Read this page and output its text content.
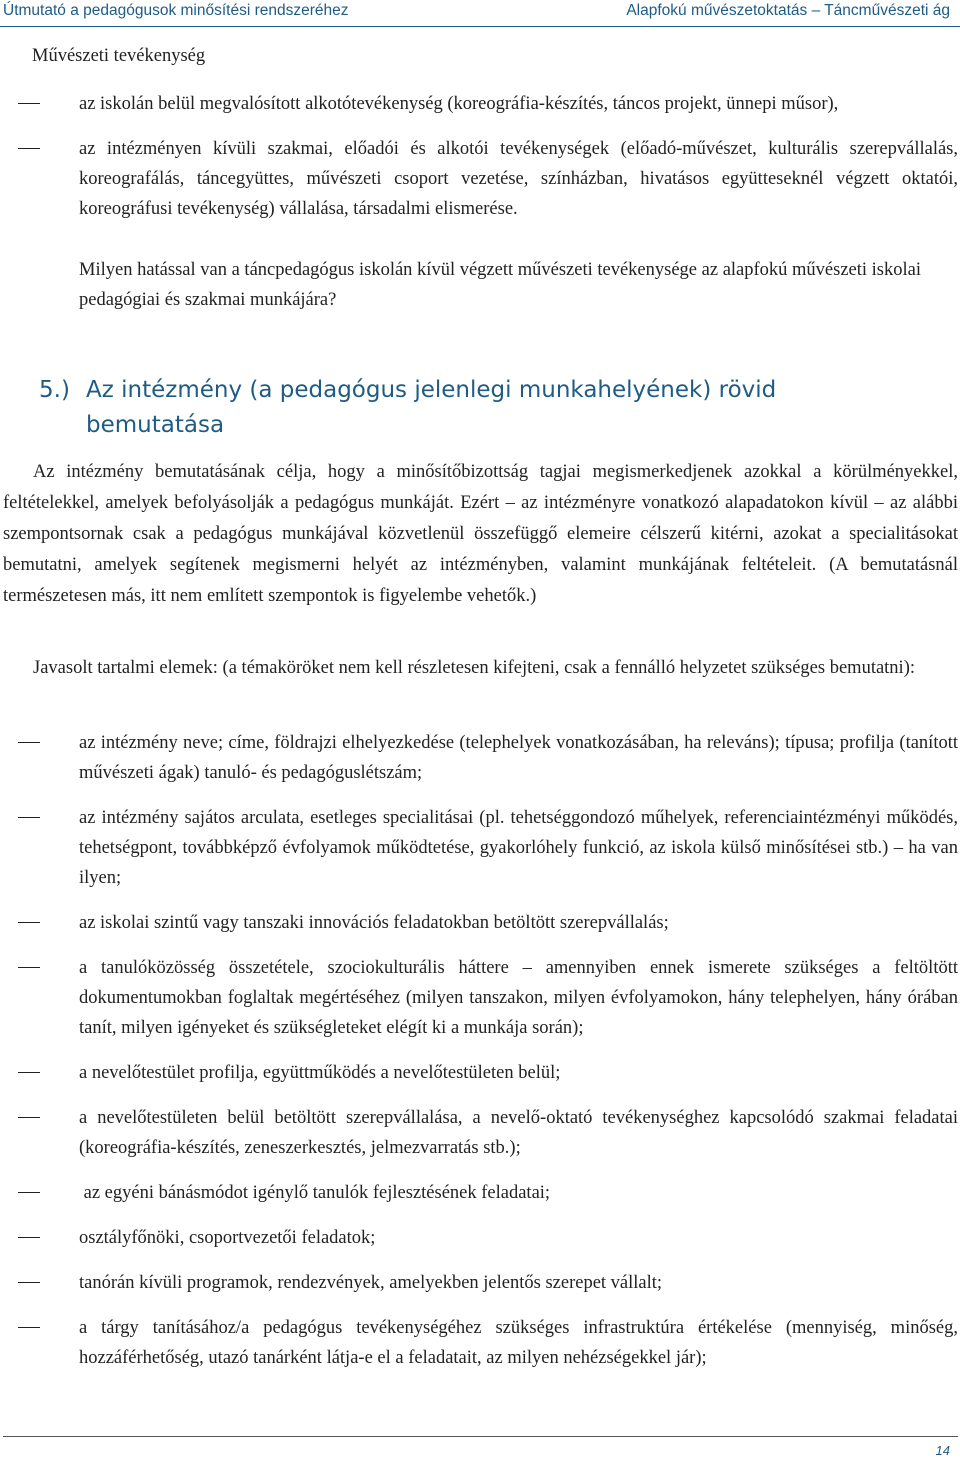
Útmutató a pedagógusok minősítési rendszeréhez	Alapfokú művészetoktatás – Táncművészeti ág
Művészeti tevékenység
az iskolán belül megvalósított alkotótevékenység (koreográfia-készítés, táncos projekt, ünnepi műsor),
az intézményen kívüli szakmai, előadói és alkotói tevékenységek (előadó-művészet, kulturális szerepvállalás, koreografálás, táncegyüttes, művészeti csoport vezetése, színházban, hivatásos együtteseknél végzett oktatói, koreográfusi tevékenység) vállalása, társadalmi elismerése.
Milyen hatással van a táncpedagógus iskolán kívül végzett művészeti tevékenysége az alapfokú művészeti iskolai pedagógiai és szakmai munkájára?
5.) Az intézmény (a pedagógus jelenlegi munkahelyének) rövid
bemutatása
Az intézmény bemutatásának célja, hogy a minősítőbizottság tagjai megismerkedjenek azokkal a körülményekkel, feltételekkel, amelyek befolyásolják a pedagógus munkáját. Ezért – az intézményre vonatkozó alapadatokon kívül – az alábbi szempontsornak csak a pedagógus munkájával közvetlenül összefüggő elemeire célszerű kitérni, azokat a specialitásokat bemutatni, amelyek segítenek megismerni helyét az intézményben, valamint munkájának feltételeit. (A bemutatásnál természetesen más, itt nem említett szempontok is figyelembe vehetők.)
Javasolt tartalmi elemek: (a témaköröket nem kell részletesen kifejteni, csak a fennálló helyzetet szükséges bemutatni):
az intézmény neve; címe, földrajzi elhelyezkedése (telephelyek vonatkozásában, ha releváns); típusa; profilja (tanított művészeti ágak) tanuló- és pedagóguslétszám;
az intézmény sajátos arculata, esetleges specialitásai (pl. tehetséggondozó műhelyek, referenciaintézményi működés, tehetségpont, továbbképző évfolyamok működtetése, gyakorlóhely funkció, az iskola külső minősítései stb.) – ha van ilyen;
az iskolai szintű vagy tanszaki innovációs feladatokban betöltött szerepvállalás;
a tanulóközösség összetétele, szociokulturális háttere – amennyiben ennek ismerete szükséges a feltöltött dokumentumokban foglaltak megértéséhez (milyen tanszakon, milyen évfolyamokon, hány telephelyen, hány órában tanít, milyen igényeket és szükségleteket elégít ki a munkája során);
a nevelőtestület profilja, együttműködés a nevelőtestületen belül;
a nevelőtestületen belül betöltött szerepvállalása, a nevelő-oktató tevékenységhez kapcsolódó szakmai feladatai (koreográfia-készítés, zeneszerkesztés, jelmezvarratás stb.);
az egyéni bánásmódot igénylő tanulók fejlesztésének feladatai;
osztályfőnöki, csoportvezetői feladatok;
tanórán kívüli programok, rendezvények, amelyekben jelentős szerepet vállalt;
a tárgy tanításához/a pedagógus tevékenységéhez szükséges infrastruktúra értékelése (mennyiség, minőség, hozzáférhetőség, utazó tanárként látja-e el a feladatait, az milyen nehézségekkel jár);
14
